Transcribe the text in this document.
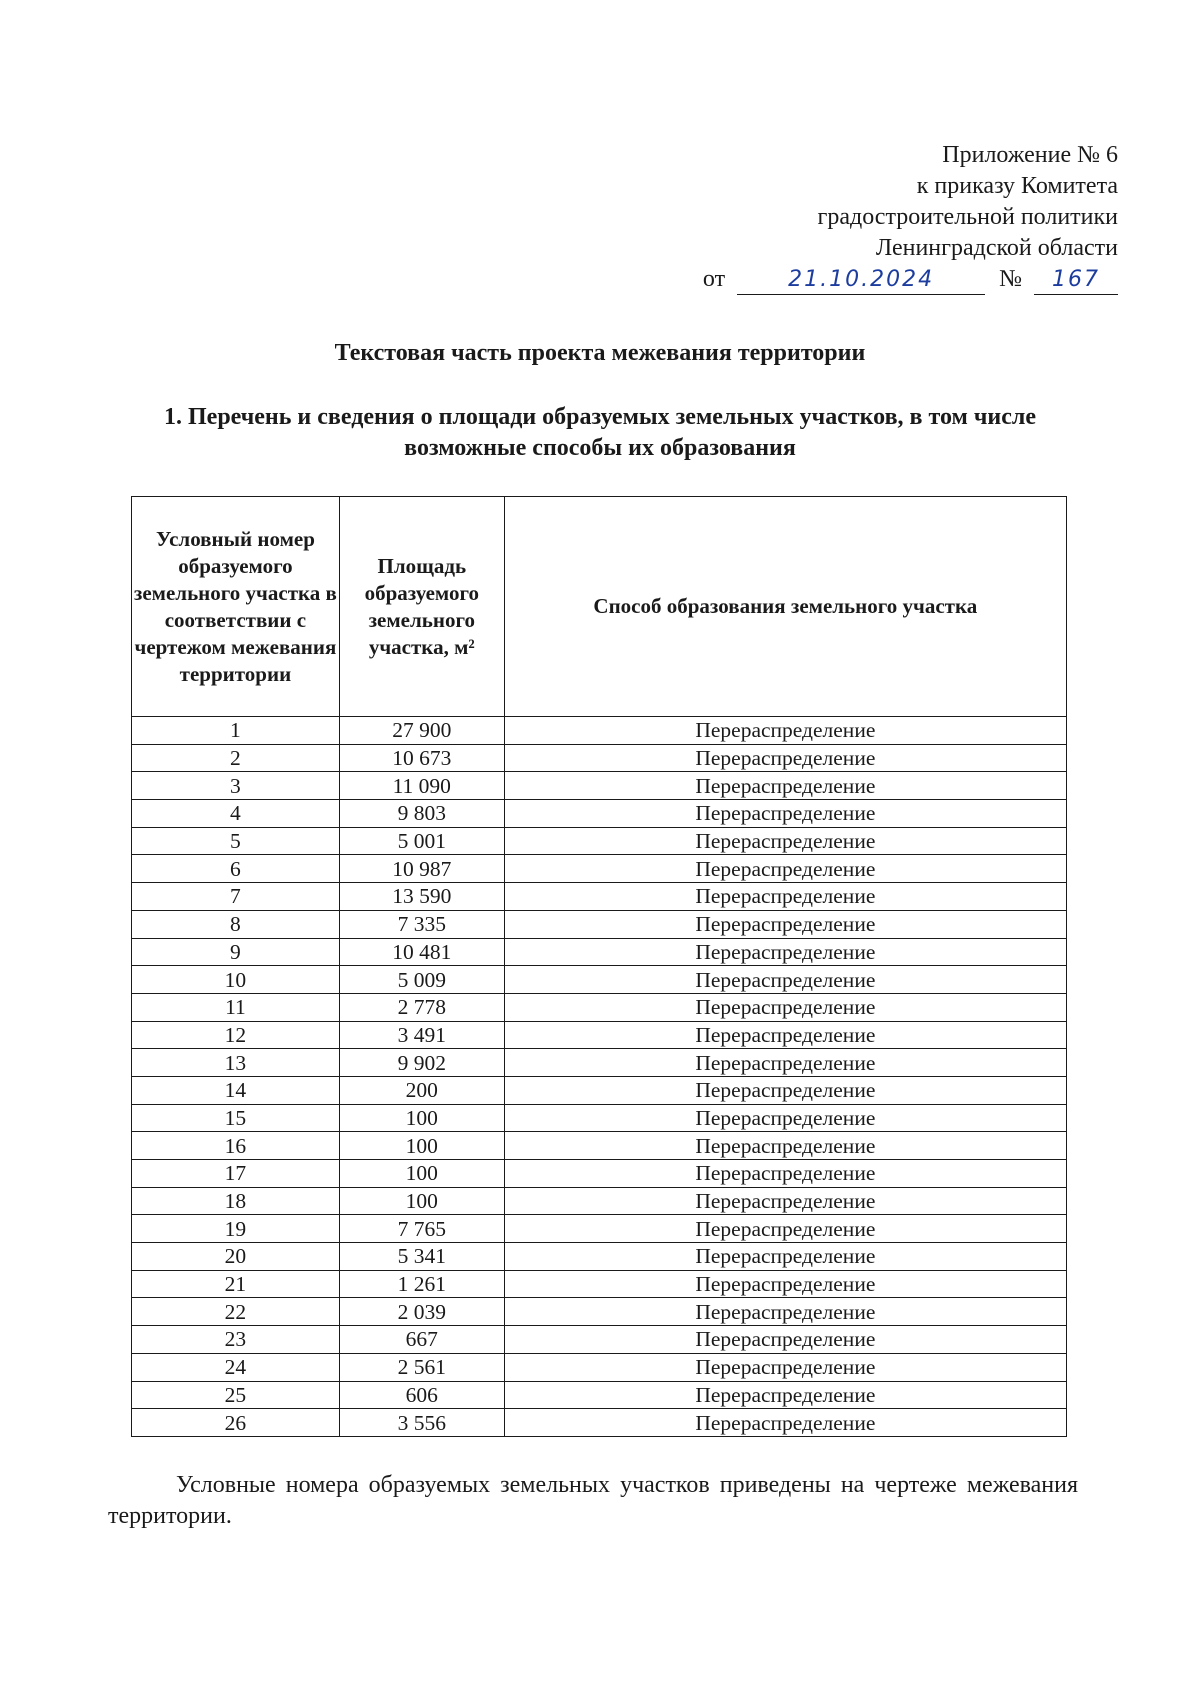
Приложение № 6
к приказу Комитета
градостроительной политики
Ленинградской области
от	21.10.2024	№ 167
Текстовая часть проекта межевания территории
1. Перечень и сведения о площади образуемых земельных участков, в том числе возможные способы их образования
Условный номер образуемого земельного участка в соответствии с чертежом межевания территории	Площадь образуемого земельного участка, м²	Способ образования земельного участка
1	27 900	Перераспределение
2	10 673	Перераспределение
3	11 090	Перераспределение
4	9 803	Перераспределение
5	5 001	Перераспределение
6	10 987	Перераспределение
7	13 590	Перераспределение
8	7 335	Перераспределение
9	10 481	Перераспределение
10	5 009	Перераспределение
11	2 778	Перераспределение
12	3 491	Перераспределение
13	9 902	Перераспределение
14	200	Перераспределение
15	100	Перераспределение
16	100	Перераспределение
17	100	Перераспределение
18	100	Перераспределение
19	7 765	Перераспределение
20	5 341	Перераспределение
21	1 261	Перераспределение
22	2 039	Перераспределение
23	667	Перераспределение
24	2 561	Перераспределение
25	606	Перераспределение
26	3 556	Перераспределение
Условные номера образуемых земельных участков приведены на чертеже межевания территории.
